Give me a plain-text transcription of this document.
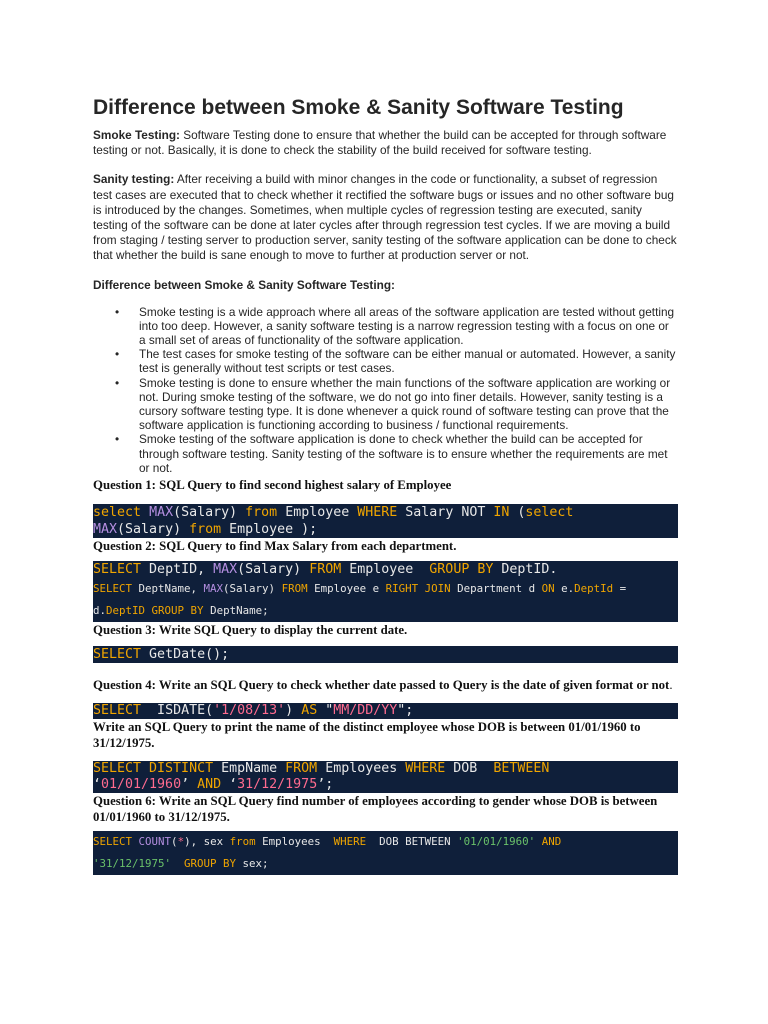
Difference between Smoke & Sanity Software Testing

Smoke Testing: Software Testing done to ensure that whether the build can be accepted for through software testing or not. Basically, it is done to check the stability of the build received for software testing.

Sanity testing: After receiving a build with minor changes in the code or functionality, a subset of regression test cases are executed that to check whether it rectified the software bugs or issues and no other software bug is introduced by the changes. Sometimes, when multiple cycles of regression testing are executed, sanity testing of the software can be done at later cycles after through regression test cycles. If we are moving a build from staging / testing server to production server, sanity testing of the software application can be done to check that whether the build is sane enough to move to further at production server or not.

Difference between Smoke & Sanity Software Testing:

• Smoke testing is a wide approach where all areas of the software application are tested without getting into too deep. However, a sanity software testing is a narrow regression testing with a focus on one or a small set of areas of functionality of the software application.
• The test cases for smoke testing of the software can be either manual or automated. However, a sanity test is generally without test scripts or test cases.
• Smoke testing is done to ensure whether the main functions of the software application are working or not. During smoke testing of the software, we do not go into finer details. However, sanity testing is a cursory software testing type. It is done whenever a quick round of software testing can prove that the software application is functioning according to business / functional requirements.
• Smoke testing of the software application is done to check whether the build can be accepted for through software testing. Sanity testing of the software is to ensure whether the requirements are met or not.

Question 1: SQL Query to find second highest salary of Employee

select MAX(Salary) from Employee WHERE Salary NOT IN (select
MAX(Salary) from Employee );

Question 2: SQL Query to find Max Salary from each department.

SELECT DeptID, MAX(Salary) FROM Employee  GROUP BY DeptID.
SELECT DeptName, MAX(Salary) FROM Employee e RIGHT JOIN Department d ON e.DeptId =
d.DeptID GROUP BY DeptName;

Question 3: Write SQL Query to display the current date.

SELECT GetDate();

Question 4: Write an SQL Query to check whether date passed to Query is the date of given format or not.

SELECT  ISDATE('1/08/13') AS "MM/DD/YY";

Write an SQL Query to print the name of the distinct employee whose DOB is between 01/01/1960 to 31/12/1975.

SELECT DISTINCT EmpName FROM Employees WHERE DOB  BETWEEN
‘01/01/1960’ AND ‘31/12/1975’;

Question 6: Write an SQL Query find number of employees according to gender whose DOB is between 01/01/1960 to 31/12/1975.

SELECT COUNT(*), sex from Employees  WHERE  DOB BETWEEN '01/01/1960' AND
'31/12/1975' GROUP BY sex;
